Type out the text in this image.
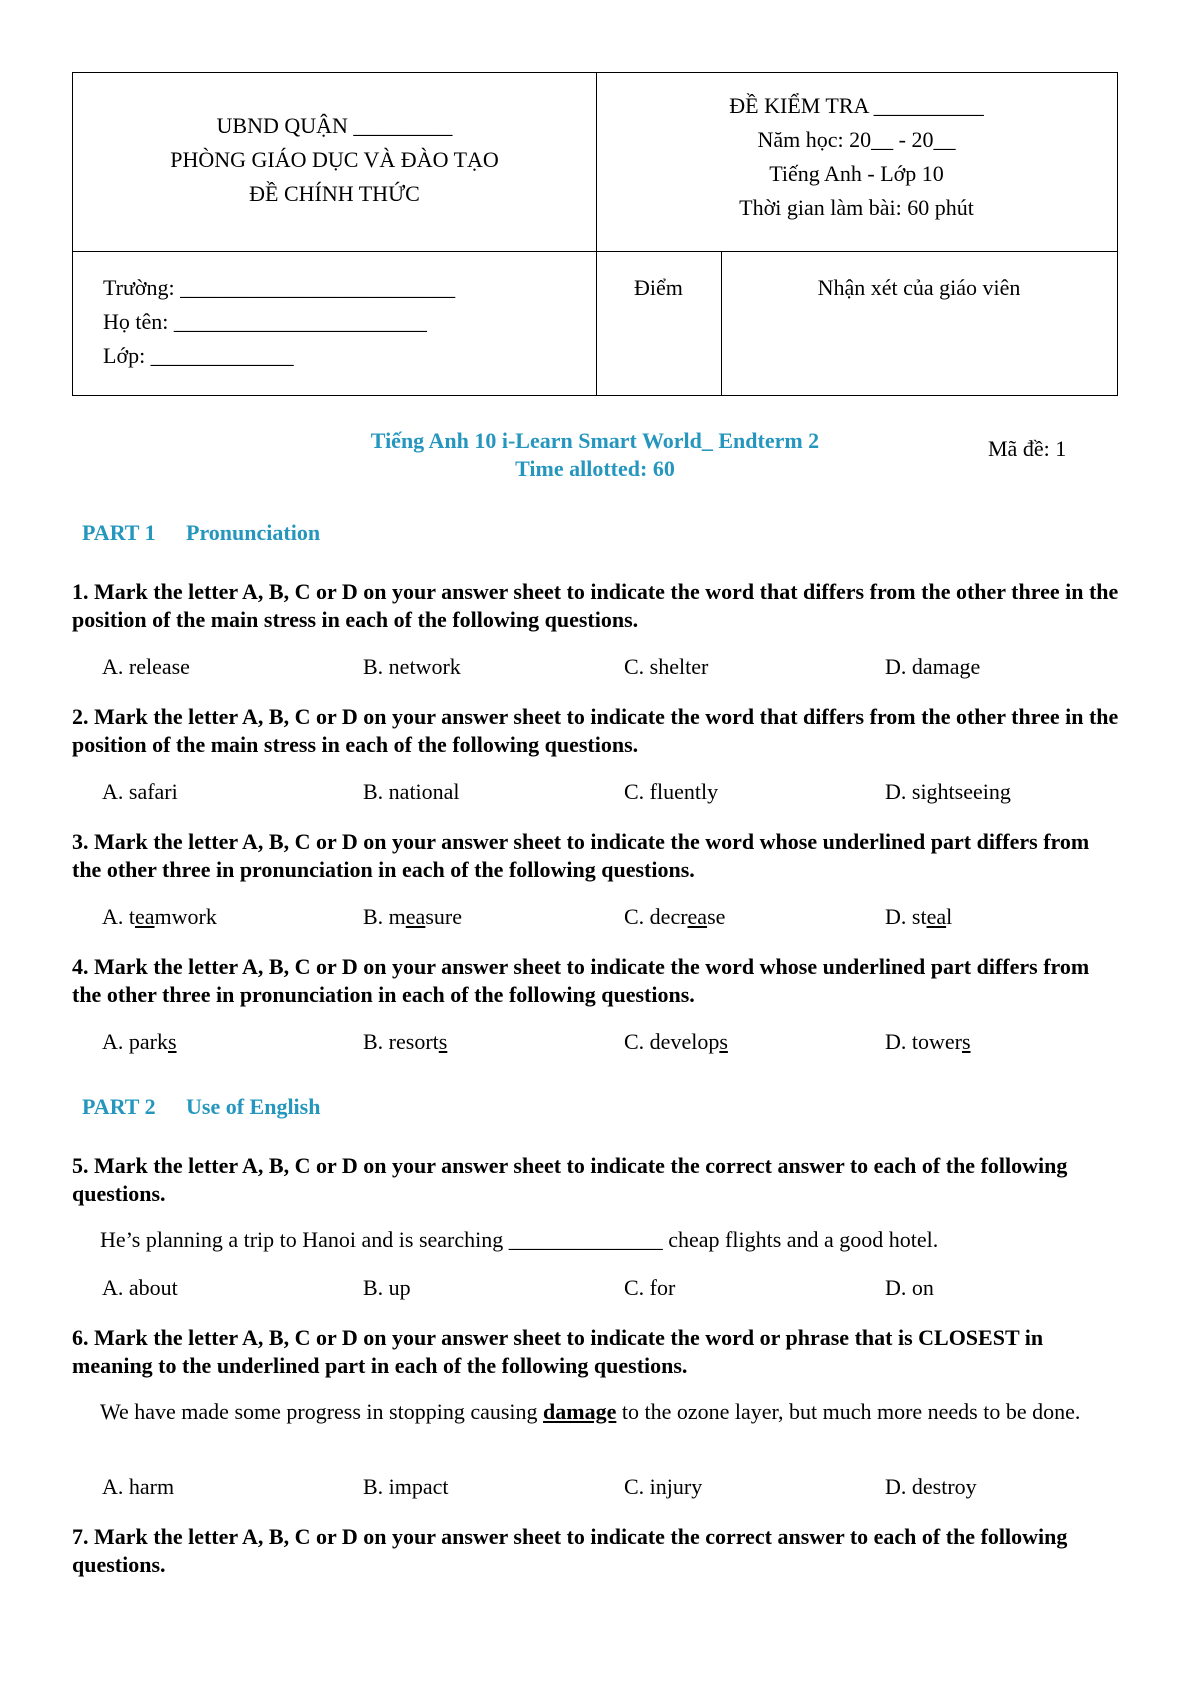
UBND QUẬN _________
PHÒNG GIÁO DỤC VÀ ĐÀO TẠO
ĐỀ CHÍNH THỨC
ĐỀ KIỂM TRA __________
Năm học: 20__ - 20__
Tiếng Anh - Lớp 10
Thời gian làm bài: 60 phút
Trường: _________________________
Họ tên: _______________________
Lớp: _____________
Điểm	Nhận xét của giáo viên
Tiếng Anh 10 i-Learn Smart World_ Endterm 2
Time allotted: 60
Mã đề: 1
PART 1 Pronunciation
1. Mark the letter A, B, C or D on your answer sheet to indicate the word that differs from the other three in the position of the main stress in each of the following questions.
A. release	B. network	C. shelter	D. damage
2. Mark the letter A, B, C or D on your answer sheet to indicate the word that differs from the other three in the position of the main stress in each of the following questions.
A. safari	B. national	C. fluently	D. sightseeing
3. Mark the letter A, B, C or D on your answer sheet to indicate the word whose underlined part differs from the other three in pronunciation in each of the following questions.
A. teamwork	B. measure	C. decrease	D. steal
4. Mark the letter A, B, C or D on your answer sheet to indicate the word whose underlined part differs from the other three in pronunciation in each of the following questions.
A. parks	B. resorts	C. develops	D. towers
PART 2 Use of English
5. Mark the letter A, B, C or D on your answer sheet to indicate the correct answer to each of the following questions.
He’s planning a trip to Hanoi and is searching ______________ cheap flights and a good hotel.
A. about	B. up	C. for	D. on
6. Mark the letter A, B, C or D on your answer sheet to indicate the word or phrase that is CLOSEST in meaning to the underlined part in each of the following questions.
We have made some progress in stopping causing damage to the ozone layer, but much more needs to be done.
A. harm	B. impact	C. injury	D. destroy
7. Mark the letter A, B, C or D on your answer sheet to indicate the correct answer to each of the following questions.
